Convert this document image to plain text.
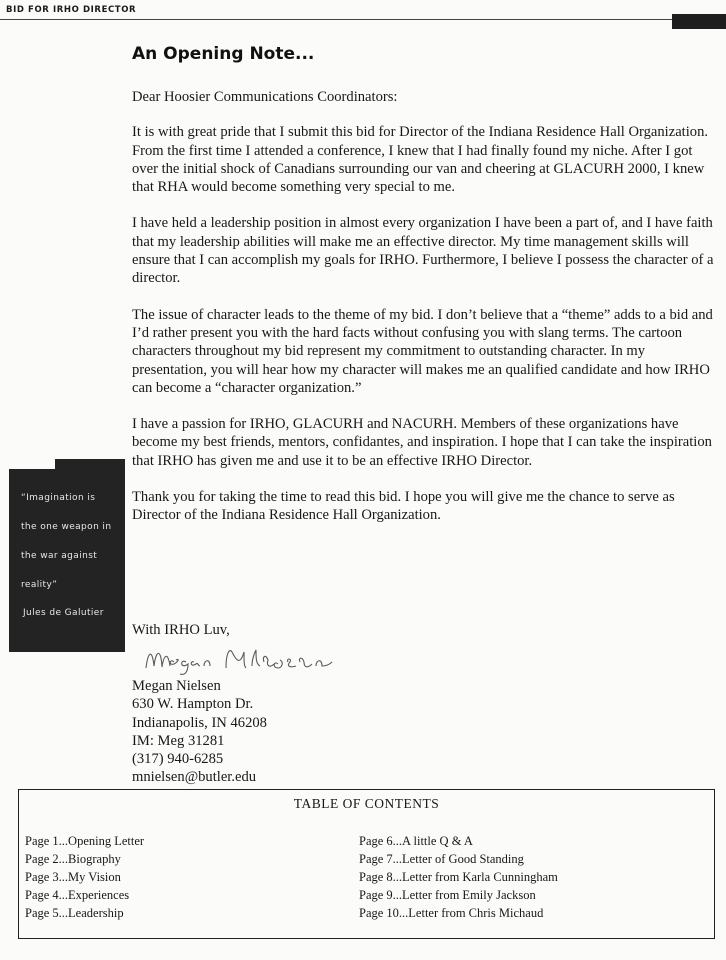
BID FOR IRHO DIRECTOR
An Opening Note...

Dear Hoosier Communications Coordinators:

It is with great pride that I submit this bid for Director of the Indiana Residence Hall Organization. From the first time I attended a conference, I knew that I had finally found my niche. After I got over the initial shock of Canadians surrounding our van and cheering at GLACURH 2000, I knew that RHA would become something very special to me.

I have held a leadership position in almost every organization I have been a part of, and I have faith that my leadership abilities will make me an effective director. My time management skills will ensure that I can accomplish my goals for IRHO. Furthermore, I believe I possess the character of a director.

The issue of character leads to the theme of my bid. I don’t believe that a “theme” adds to a bid and I’d rather present you with the hard facts without confusing you with slang terms. The cartoon characters throughout my bid represent my commitment to outstanding character. In my presentation, you will hear how my character will makes me an qualified candidate and how IRHO can become a “character organization.”

I have a passion for IRHO, GLACURH and NACURH. Members of these organizations have become my best friends, mentors, confidantes, and inspiration. I hope that I can take the inspiration that IRHO has given me and use it to be an effective IRHO Director.

Thank you for taking the time to read this bid. I hope you will give me the chance to serve as Director of the Indiana Residence Hall Organization.

“Imagination is
the one weapon in
the war against
reality”
Jules de Galutier
With IRHO Luv,
Megan Nielsen
630 W. Hampton Dr.
Indianapolis, IN 46208
IM: Meg 31281
(317) 940-6285
mnielsen@butler.edu
TABLE OF CONTENTS
Page 1...Opening Letter
Page 2...Biography
Page 3...My Vision
Page 4...Experiences
Page 5...Leadership
Page 6...A little Q & A
Page 7...Letter of Good Standing
Page 8...Letter from Karla Cunningham
Page 9...Letter from Emily Jackson
Page 10...Letter from Chris Michaud
